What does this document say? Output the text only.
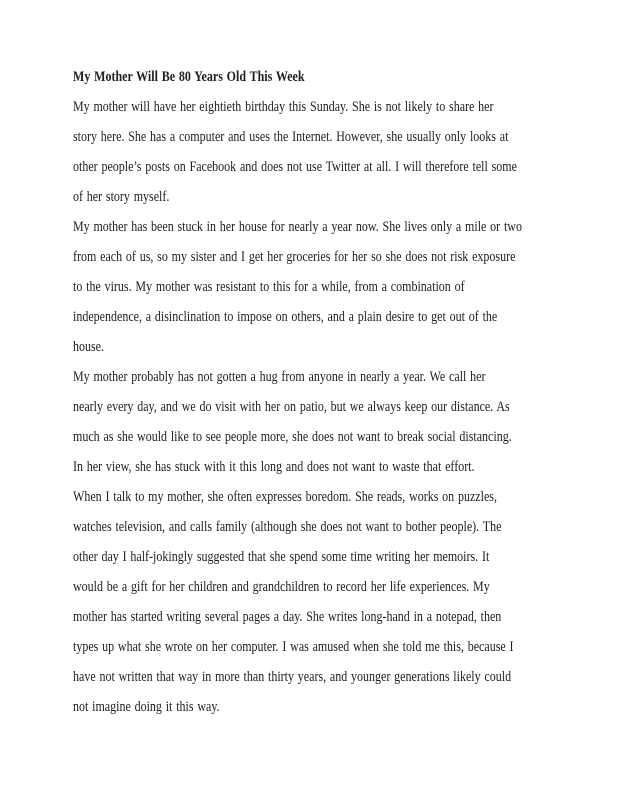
My Mother Will Be 80 Years Old This Week
My mother will have her eightieth birthday this Sunday. She is not likely to share her
story here. She has a computer and uses the Internet. However, she usually only looks at
other people’s posts on Facebook and does not use Twitter at all. I will therefore tell some
of her story myself.
My mother has been stuck in her house for nearly a year now. She lives only a mile or two
from each of us, so my sister and I get her groceries for her so she does not risk exposure
to the virus. My mother was resistant to this for a while, from a combination of
independence, a disinclination to impose on others, and a plain desire to get out of the
house.
My mother probably has not gotten a hug from anyone in nearly a year. We call her
nearly every day, and we do visit with her on patio, but we always keep our distance. As
much as she would like to see people more, she does not want to break social distancing.
In her view, she has stuck with it this long and does not want to waste that effort.
When I talk to my mother, she often expresses boredom. She reads, works on puzzles,
watches television, and calls family (although she does not want to bother people). The
other day I half-jokingly suggested that she spend some time writing her memoirs. It
would be a gift for her children and grandchildren to record her life experiences. My
mother has started writing several pages a day. She writes long-hand in a notepad, then
types up what she wrote on her computer. I was amused when she told me this, because I
have not written that way in more than thirty years, and younger generations likely could
not imagine doing it this way.
